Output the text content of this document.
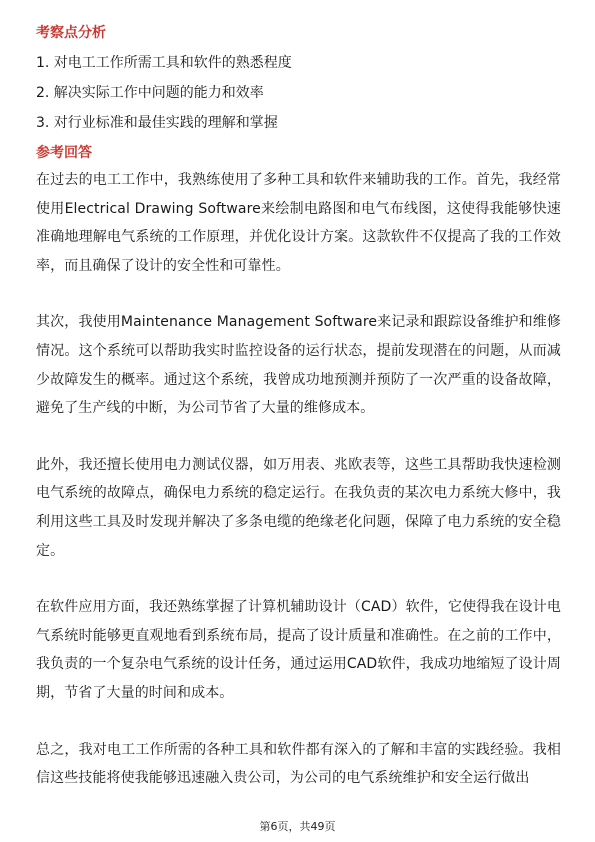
考察点分析
1. 对电工工作所需工具和软件的熟悉程度
2. 解决实际工作中问题的能力和效率
3. 对行业标准和最佳实践的理解和掌握
参考回答

在过去的电工工作中，我熟练使用了多种工具和软件来辅助我的工作。首先，我经常使用Electrical Drawing Software来绘制电路图和电气布线图，这使得我能够快速准确地理解电气系统的工作原理，并优化设计方案。这款软件不仅提高了我的工作效率，而且确保了设计的安全性和可靠性。

其次，我使用Maintenance Management Software来记录和跟踪设备维护和维修情况。这个系统可以帮助我实时监控设备的运行状态，提前发现潜在的问题，从而减少故障发生的概率。通过这个系统，我曾成功地预测并预防了一次严重的设备故障，避免了生产线的中断，为公司节省了大量的维修成本。

此外，我还擅长使用电力测试仪器，如万用表、兆欧表等，这些工具帮助我快速检测电气系统的故障点，确保电力系统的稳定运行。在我负责的某次电力系统大修中，我利用这些工具及时发现并解决了多条电缆的绝缘老化问题，保障了电力系统的安全稳定。

在软件应用方面，我还熟练掌握了计算机辅助设计（CAD）软件，它使得我在设计电气系统时能够更直观地看到系统布局，提高了设计质量和准确性。在之前的工作中，我负责的一个复杂电气系统的设计任务，通过运用CAD软件，我成功地缩短了设计周期，节省了大量的时间和成本。

总之，我对电工工作所需的各种工具和软件都有深入的了解和丰富的实践经验。我相信这些技能将使我能够迅速融入贵公司，为公司的电气系统维护和安全运行做出

第6页，共49页
